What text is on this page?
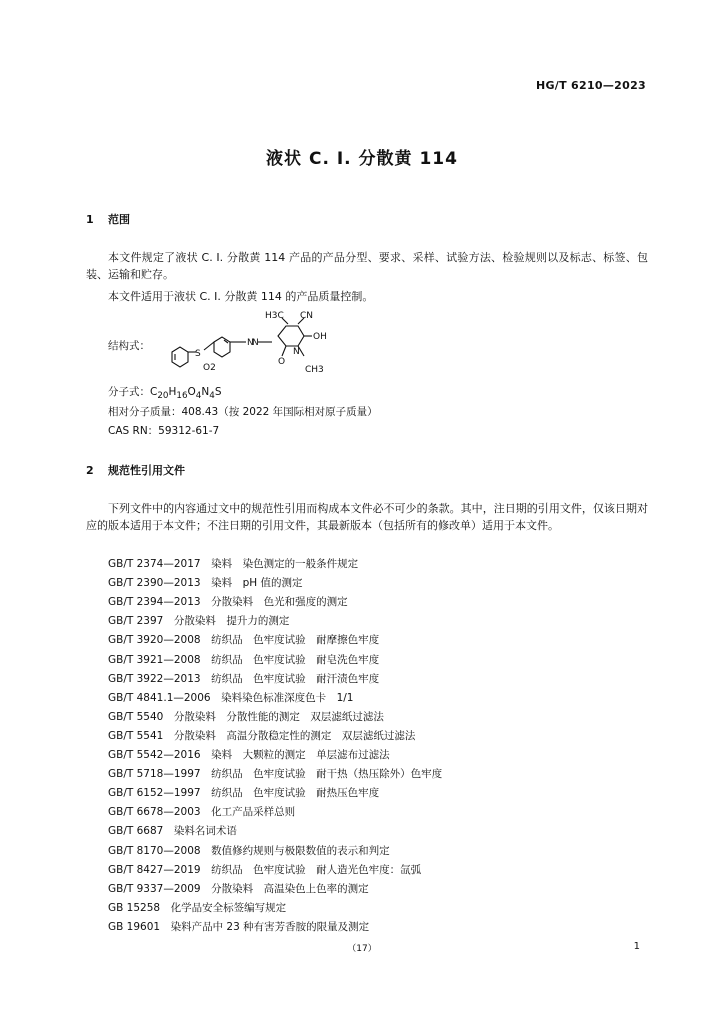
HG/T 6210—2023
液状 C. I. 分散黄 114
1 范围
本文件规定了液状 C. I. 分散黄 114 产品的产品分型、要求、采样、试验方法、检验规则以及标志、标签、包装、运输和贮存。
本文件适用于液状 C. I. 分散黄 114 的产品质量控制。
结构式：
H3C CN
N
N
OH
N
O
CH3
S
O2
分子式：$C_{20}H_{16}O_4N_4S$
相对分子质量：408.43（按 2022 年国际相对原子质量）
CAS RN：59312-61-7
2 规范性引用文件
下列文件中的内容通过文中的规范性引用而构成本文件必不可少的条款。其中，注日期的引用文件，仅该日期对应的版本适用于本文件；不注日期的引用文件，其最新版本（包括所有的修改单）适用于本文件。
GB/T 2374—2017　染料　染色测定的一般条件规定
GB/T 2390—2013　染料　pH 值的测定
GB/T 2394—2013　分散染料　色光和强度的测定
GB/T 2397　分散染料　提升力的测定
GB/T 3920—2008　纺织品　色牢度试验　耐摩擦色牢度
GB/T 3921—2008　纺织品　色牢度试验　耐皂洗色牢度
GB/T 3922—2013　纺织品　色牢度试验　耐汗渍色牢度
GB/T 4841.1—2006　染料染色标准深度色卡　1/1
GB/T 5540　分散染料　分散性能的测定　双层滤纸过滤法
GB/T 5541　分散染料　高温分散稳定性的测定　双层滤纸过滤法
GB/T 5542—2016　染料　大颗粒的测定　单层滤布过滤法
GB/T 5718—1997　纺织品　色牢度试验　耐干热（热压除外）色牢度
GB/T 6152—1997　纺织品　色牢度试验　耐热压色牢度
GB/T 6678—2003　化工产品采样总则
GB/T 6687　染料名词术语
GB/T 8170—2008　数值修约规则与极限数值的表示和判定
GB/T 8427—2019　纺织品　色牢度试验　耐人造光色牢度：氙弧
GB/T 9337—2009　分散染料　高温染色上色率的测定
GB 15258　化学品安全标签编写规定
GB 19601　染料产品中 23 种有害芳香胺的限量及测定
（17）	1
